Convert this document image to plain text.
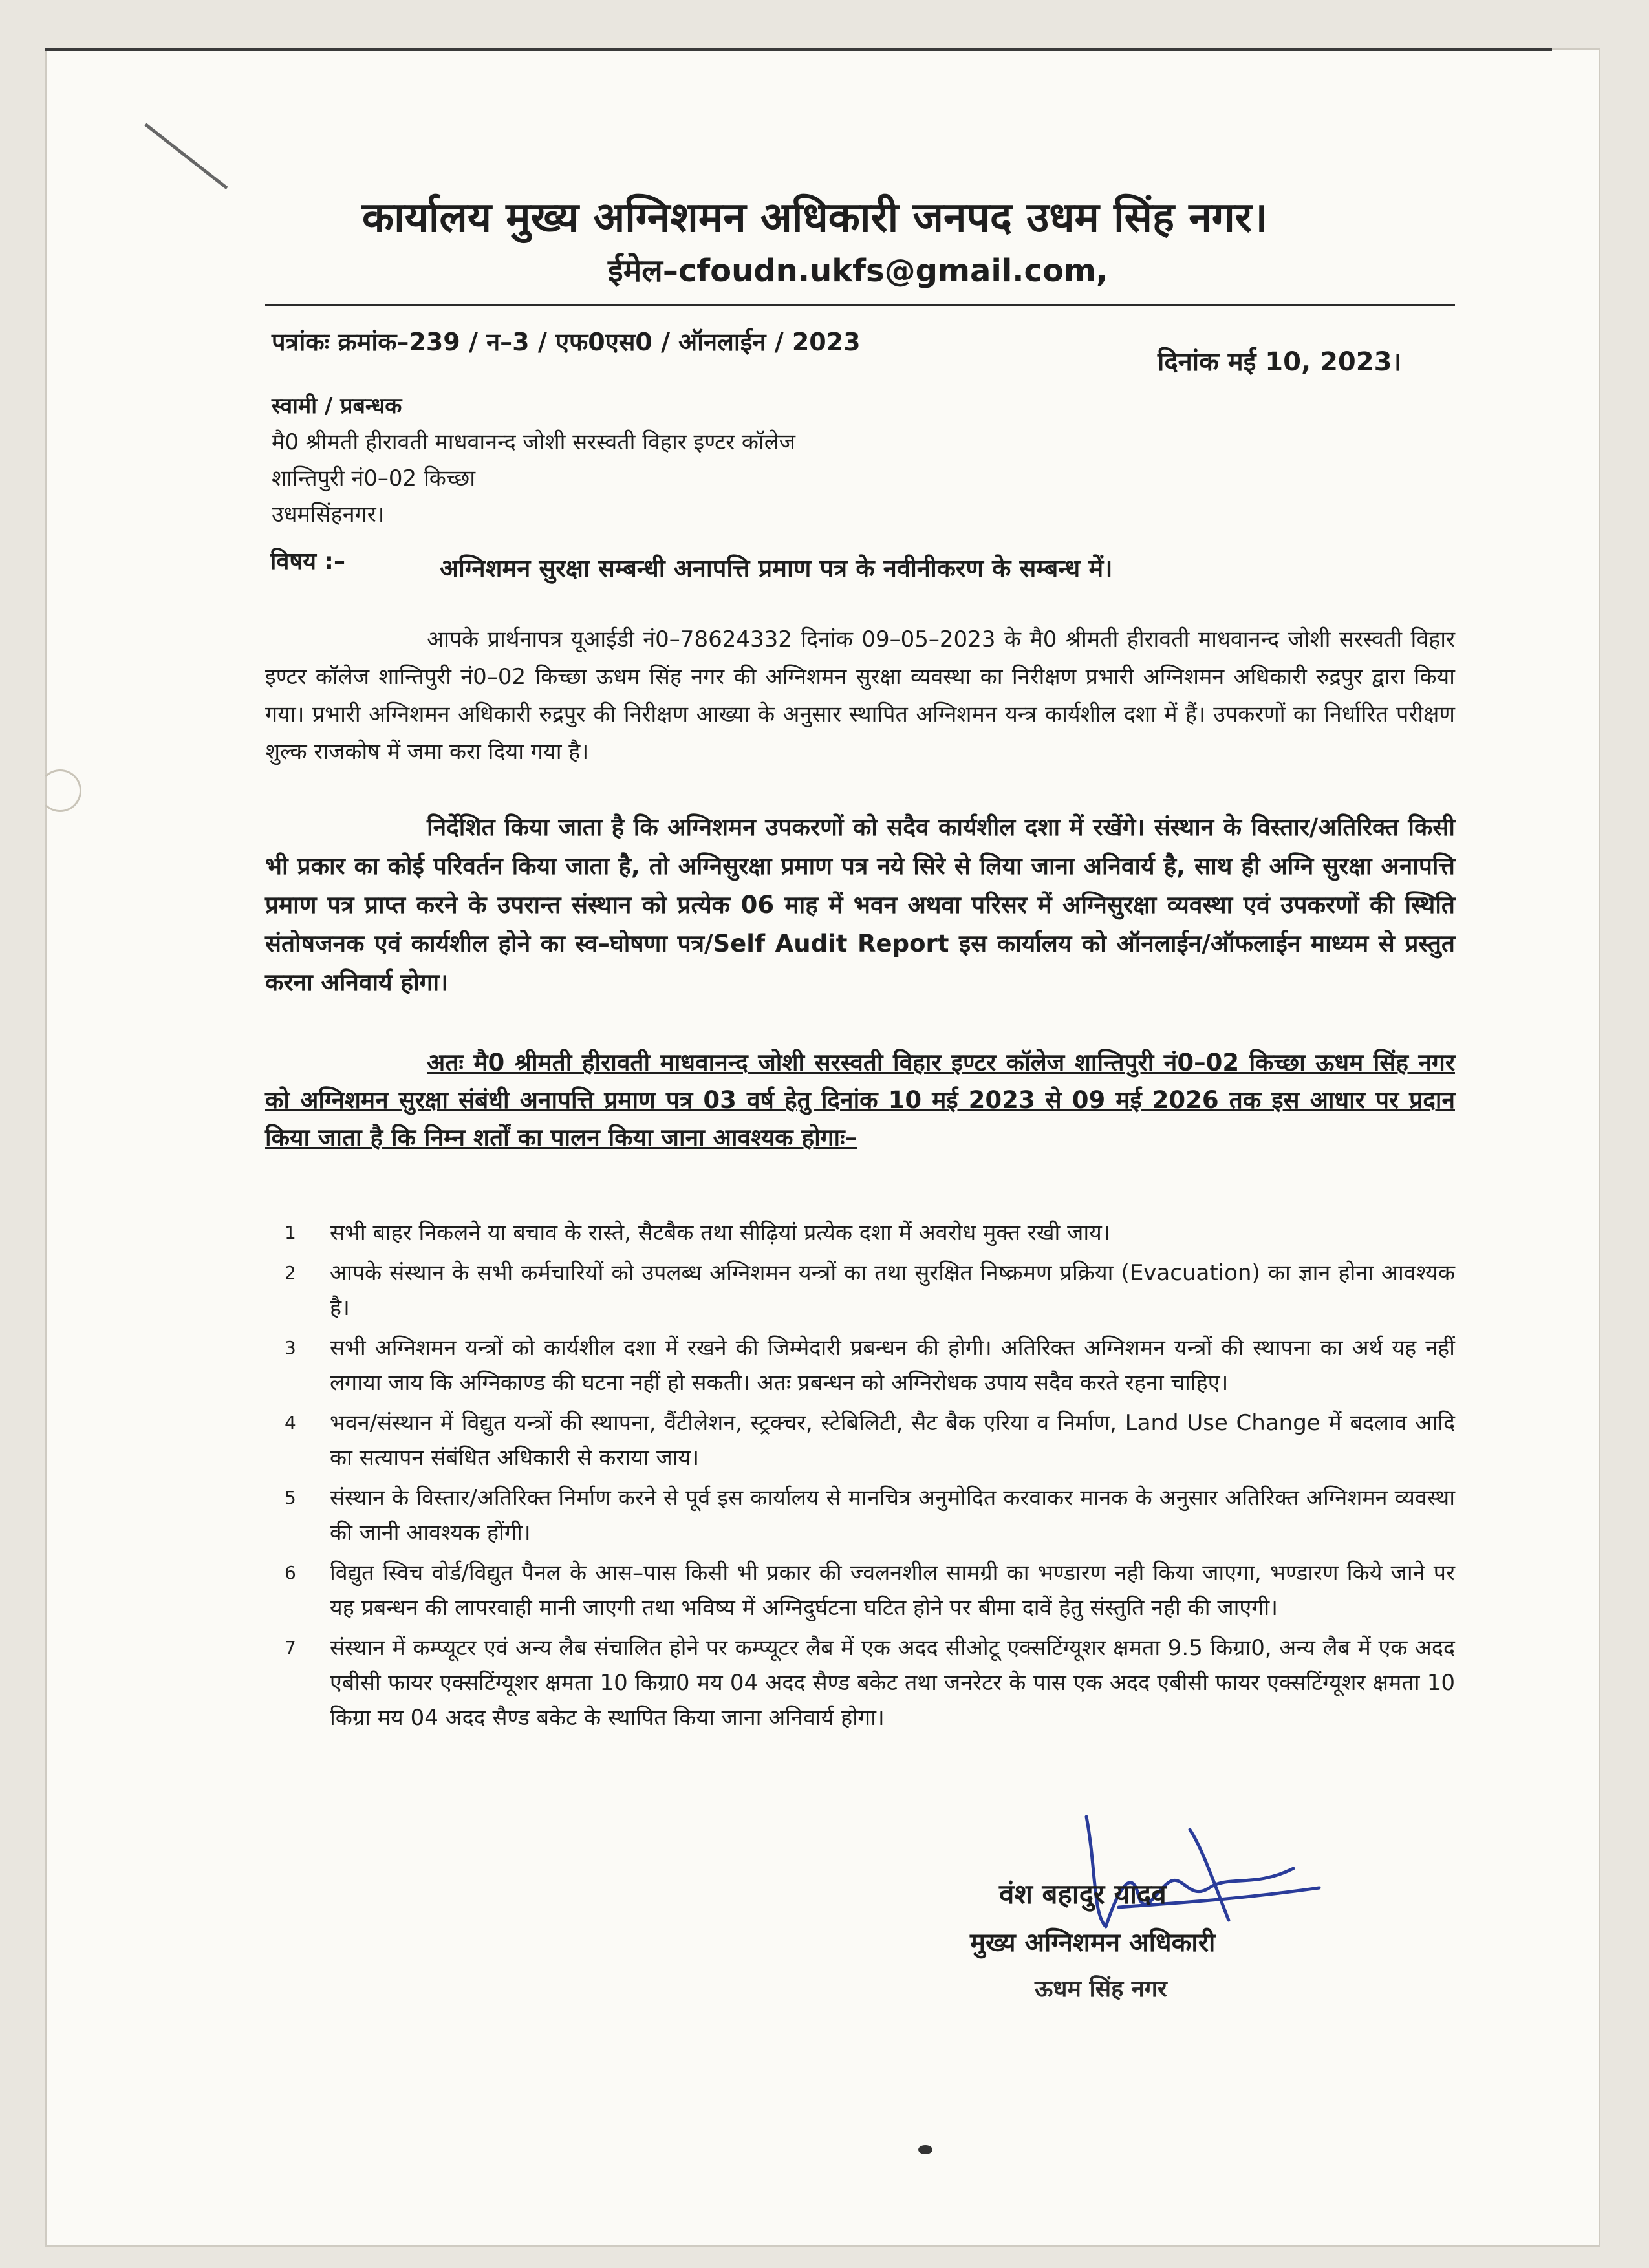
कार्यालय मुख्य अग्निशमन अधिकारी जनपद उधम सिंह नगर।
ईमेल–cfoudn.ukfs@gmail.com,
पत्रांकः क्रमांक–239 / न–3 / एफ0एस0 / ऑनलाईन / 2023
दिनांक मई 10, 2023।
स्वामी / प्रबन्धक
मै0 श्रीमती हीरावती माधवानन्द जोशी सरस्वती विहार इण्टर कॉलेज
शान्तिपुरी नं0–02 किच्छा
उधमसिंहनगर।
विषय :–	अग्निशमन सुरक्षा सम्बन्धी अनापत्ति प्रमाण पत्र के नवीनीकरण के सम्बन्ध में।
आपके प्रार्थनापत्र यूआईडी नं0–78624332 दिनांक 09–05–2023 के मै0 श्रीमती हीरावती माधवानन्द जोशी सरस्वती विहार इण्टर कॉलेज शान्तिपुरी नं0–02 किच्छा ऊधम सिंह नगर की अग्निशमन सुरक्षा व्यवस्था का निरीक्षण प्रभारी अग्निशमन अधिकारी रुद्रपुर द्वारा किया गया। प्रभारी अग्निशमन अधिकारी रुद्रपुर की निरीक्षण आख्या के अनुसार स्थापित अग्निशमन यन्त्र कार्यशील दशा में हैं। उपकरणों का निर्धारित परीक्षण शुल्क राजकोष में जमा करा दिया गया है।
निर्देशित किया जाता है कि अग्निशमन उपकरणों को सदैव कार्यशील दशा में रखेंगे। संस्थान के विस्तार/अतिरिक्त किसी भी प्रकार का कोई परिवर्तन किया जाता है, तो अग्निसुरक्षा प्रमाण पत्र नये सिरे से लिया जाना अनिवार्य है, साथ ही अग्नि सुरक्षा अनापत्ति प्रमाण पत्र प्राप्त करने के उपरान्त संस्थान को प्रत्येक 06 माह में भवन अथवा परिसर में अग्निसुरक्षा व्यवस्था एवं उपकरणों की स्थिति संतोषजनक एवं कार्यशील होने का स्व–घोषणा पत्र/Self Audit Report इस कार्यालय को ऑनलाईन/ऑफलाईन माध्यम से प्रस्तुत करना अनिवार्य होगा।
अतः मै0 श्रीमती हीरावती माधवानन्द जोशी सरस्वती विहार इण्टर कॉलेज शान्तिपुरी नं0–02 किच्छा ऊधम सिंह नगर को अग्निशमन सुरक्षा संबंधी अनापत्ति प्रमाण पत्र 03 वर्ष हेतु दिनांक 10 मई 2023 से 09 मई 2026 तक इस आधार पर प्रदान किया जाता है कि निम्न शर्तों का पालन किया जाना आवश्यक होगाः–
1	सभी बाहर निकलने या बचाव के रास्ते, सैटबैक तथा सीढ़ियां प्रत्येक दशा में अवरोध मुक्त रखी जाय।
2	आपके संस्थान के सभी कर्मचारियों को उपलब्ध अग्निशमन यन्त्रों का तथा सुरक्षित निष्क्रमण प्रक्रिया (Evacuation) का ज्ञान होना आवश्यक है।
3	सभी अग्निशमन यन्त्रों को कार्यशील दशा में रखने की जिम्मेदारी प्रबन्धन की होगी। अतिरिक्त अग्निशमन यन्त्रों की स्थापना का अर्थ यह नहीं लगाया जाय कि अग्निकाण्ड की घटना नहीं हो सकती। अतः प्रबन्धन को अग्निरोधक उपाय सदैव करते रहना चाहिए।
4	भवन/संस्थान में विद्युत यन्त्रों की स्थापना, वैंटीलेशन, स्ट्रक्चर, स्टेबिलिटी, सैट बैक एरिया व निर्माण, Land Use Change में बदलाव आदि का सत्यापन संबंधित अधिकारी से कराया जाय।
5	संस्थान के विस्तार/अतिरिक्त निर्माण करने से पूर्व इस कार्यालय से मानचित्र अनुमोदित करवाकर मानक के अनुसार अतिरिक्त अग्निशमन व्यवस्था की जानी आवश्यक होंगी।
6	विद्युत स्विच वोर्ड/विद्युत पैनल के आस–पास किसी भी प्रकार की ज्वलनशील सामग्री का भण्डारण नही किया जाएगा, भण्डारण किये जाने पर यह प्रबन्धन की लापरवाही मानी जाएगी तथा भविष्य में अग्निदुर्घटना घटित होने पर बीमा दावें हेतु संस्तुति नही की जाएगी।
7	संस्थान में कम्प्यूटर एवं अन्य लैब संचालित होने पर कम्प्यूटर लैब में एक अदद सीओटू एक्सटिंग्यूशर क्षमता 9.5 किग्रा0, अन्य लैब में एक अदद एबीसी फायर एक्सटिंग्यूशर क्षमता 10 किग्रा0 मय 04 अदद सैण्ड बकेट तथा जनरेटर के पास एक अदद एबीसी फायर एक्सटिंग्यूशर क्षमता 10 किग्रा मय 04 अदद सैण्ड बकेट के स्थापित किया जाना अनिवार्य होगा।
वंश बहादुर यादव
मुख्य अग्निशमन अधिकारी
ऊधम सिंह नगर
